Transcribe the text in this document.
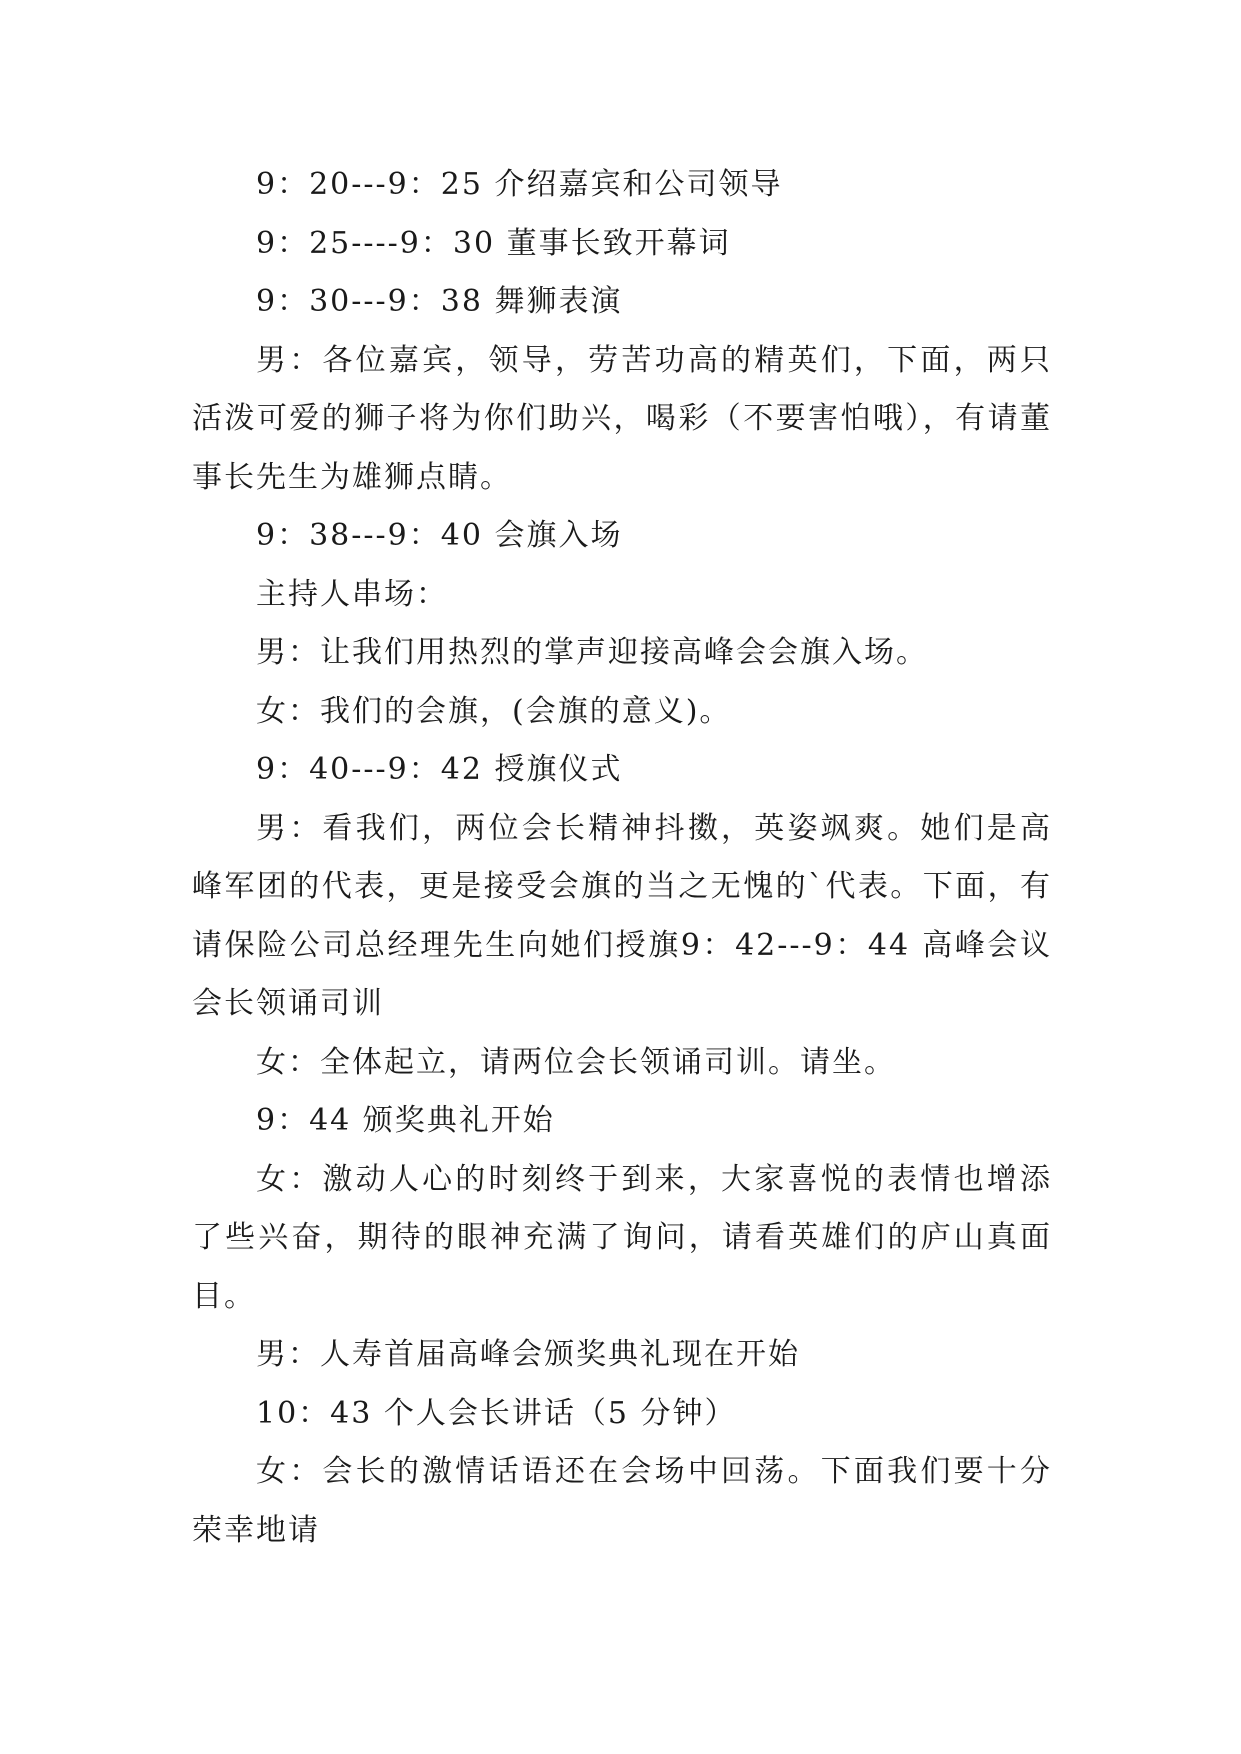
9：20---9：25 介绍嘉宾和公司领导

9：25----9：30 董事长致开幕词

9：30---9：38 舞狮表演

男：各位嘉宾，领导，劳苦功高的精英们，下面，两只活泼可爱的狮子将为你们助兴，喝彩（不要害怕哦），有请董事长先生为雄狮点睛。

9：38---9：40 会旗入场

主持人串场：

男：让我们用热烈的掌声迎接高峰会会旗入场。

女：我们的会旗，(会旗的意义)。

9：40---9：42 授旗仪式

男：看我们，两位会长精神抖擞，英姿飒爽。她们是高峰军团的代表，更是接受会旗的当之无愧的`代表。下面，有请保险公司总经理先生向她们授旗9：42---9：44 高峰会议会长领诵司训

女：全体起立，请两位会长领诵司训。请坐。

9：44 颁奖典礼开始

女：激动人心的时刻终于到来，大家喜悦的表情也增添了些兴奋，期待的眼神充满了询问，请看英雄们的庐山真面目。

男：人寿首届高峰会颁奖典礼现在开始

10：43 个人会长讲话（5 分钟）

女：会长的激情话语还在会场中回荡。下面我们要十分荣幸地请
